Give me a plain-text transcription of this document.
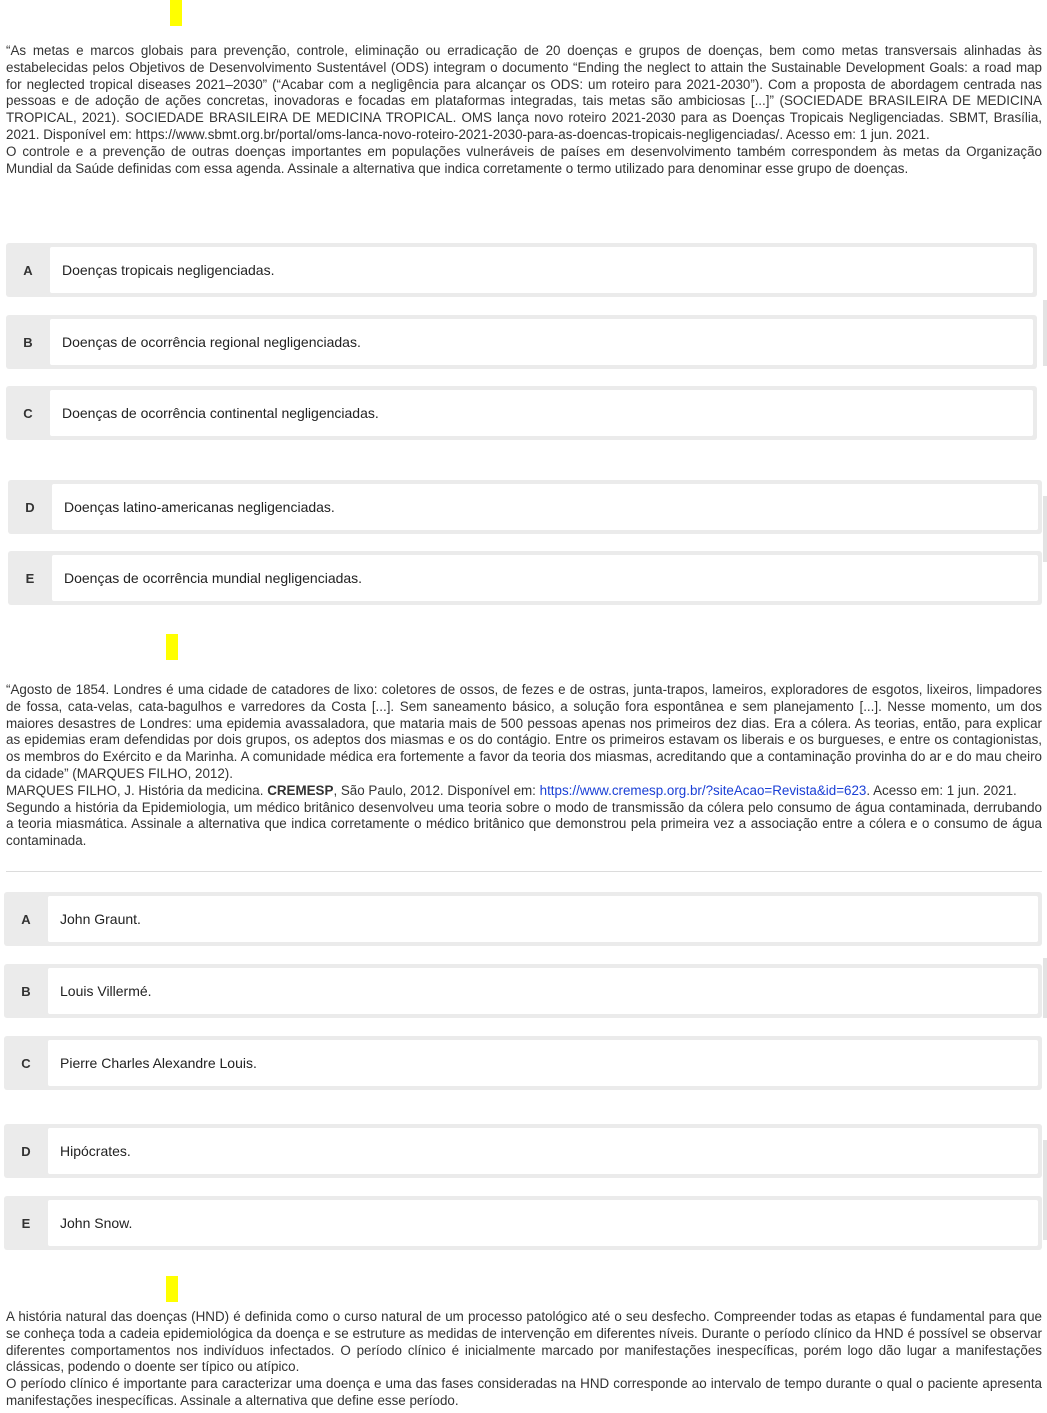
“As metas e marcos globais para prevenção, controle, eliminação ou erradicação de 20 doenças e grupos de doenças, bem como metas transversais alinhadas às estabelecidas pelos Objetivos de Desenvolvimento Sustentável (ODS) integram o documento “Ending the neglect to attain the Sustainable Development Goals: a road map for neglected tropical diseases 2021–2030” (“Acabar com a negligência para alcançar os ODS: um roteiro para 2021-2030”). Com a proposta de abordagem centrada nas pessoas e de adoção de ações concretas, inovadoras e focadas em plataformas integradas, tais metas são ambiciosas [...]” (SOCIEDADE BRASILEIRA DE MEDICINA TROPICAL, 2021). SOCIEDADE BRASILEIRA DE MEDICINA TROPICAL. OMS lança novo roteiro 2021-2030 para as Doenças Tropicais Negligenciadas. SBMT, Brasília, 2021. Disponível em: https://www.sbmt.org.br/portal/oms-lanca-novo-roteiro-2021-2030-para-as-doencas-tropicais-negligenciadas/. Acesso em: 1 jun. 2021.

O controle e a prevenção de outras doenças importantes em populações vulneráveis de países em desenvolvimento também correspondem às metas da Organização Mundial da Saúde definidas com essa agenda. Assinale a alternativa que indica corretamente o termo utilizado para denominar esse grupo de doenças.

A	Doenças tropicais negligenciadas.
B	Doenças de ocorrência regional negligenciadas.
C	Doenças de ocorrência continental negligenciadas.
D	Doenças latino-americanas negligenciadas.
E	Doenças de ocorrência mundial negligenciadas.

“Agosto de 1854. Londres é uma cidade de catadores de lixo: coletores de ossos, de fezes e de ostras, junta-trapos, lameiros, exploradores de esgotos, lixeiros, limpadores de fossa, cata-velas, cata-bagulhos e varredores da Costa [...]. Sem saneamento básico, a solução fora espontânea e sem planejamento [...]. Nesse momento, um dos maiores desastres de Londres: uma epidemia avassaladora, que mataria mais de 500 pessoas apenas nos primeiros dez dias. Era a cólera. As teorias, então, para explicar as epidemias eram defendidas por dois grupos, os adeptos dos miasmas e os do contágio. Entre os primeiros estavam os liberais e os burgueses, e entre os contagionistas, os membros do Exército e da Marinha. A comunidade médica era fortemente a favor da teoria dos miasmas, acreditando que a contaminação provinha do ar e do mau cheiro da cidade” (MARQUES FILHO, 2012).

MARQUES FILHO, J. História da medicina. CREMESP, São Paulo, 2012. Disponível em: https://www.cremesp.org.br/?siteAcao=Revista&id=623. Acesso em: 1 jun. 2021.

Segundo a história da Epidemiologia, um médico britânico desenvolveu uma teoria sobre o modo de transmissão da cólera pelo consumo de água contaminada, derrubando a teoria miasmática. Assinale a alternativa que indica corretamente o médico britânico que demonstrou pela primeira vez a associação entre a cólera e o consumo de água contaminada.

A	John Graunt.
B	Louis Villermé.
C	Pierre Charles Alexandre Louis.
D	Hipócrates.
E	John Snow.

A história natural das doenças (HND) é definida como o curso natural de um processo patológico até o seu desfecho. Compreender todas as etapas é fundamental para que se conheça toda a cadeia epidemiológica da doença e se estruture as medidas de intervenção em diferentes níveis. Durante o período clínico da HND é possível se observar diferentes comportamentos nos indivíduos infectados. O período clínico é inicialmente marcado por manifestações inespecíficas, porém logo dão lugar a manifestações clássicas, podendo o doente ser típico ou atípico.

O período clínico é importante para caracterizar uma doença e uma das fases consideradas na HND corresponde ao intervalo de tempo durante o qual o paciente apresenta manifestações inespecíficas. Assinale a alternativa que define esse período.
